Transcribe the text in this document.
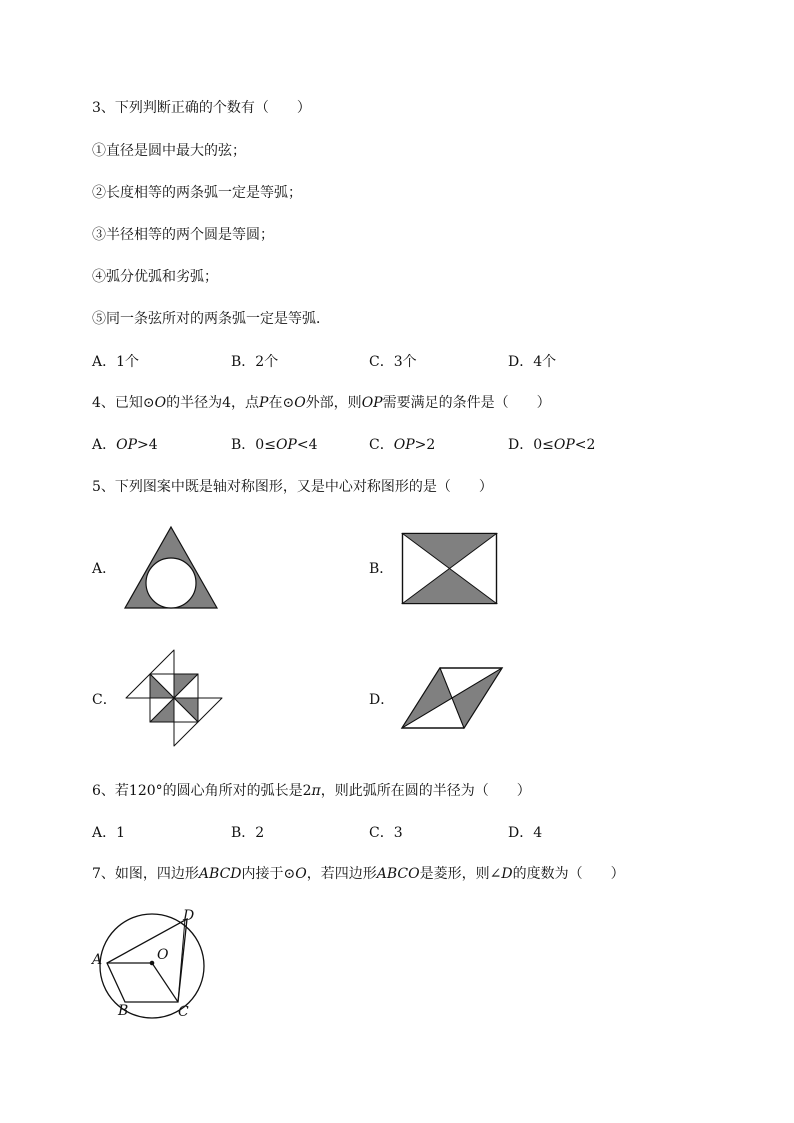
3、下列判断正确的个数有（　　）
①直径是圆中最大的弦；
②长度相等的两条弧一定是等弧；
③半径相等的两个圆是等圆；
④弧分优弧和劣弧；
⑤同一条弦所对的两条弧一定是等弧．
A．1个	B．2个	C．3个	D．4个
4、已知⊙O的半径为4，点P在⊙O外部，则OP需要满足的条件是（　　）
A．OP>4	B．0≤OP<4	C．OP>2	D．0≤OP<2
5、下列图案中既是轴对称图形，又是中心对称图形的是（　　）
A．	B．
C．	D．
6、若120°的圆心角所对的弧长是2π，则此弧所在圆的半径为（　　）
A．1	B．2	C．3	D．4
7、如图，四边形ABCD内接于⊙O，若四边形ABCO是菱形，则∠D的度数为（　　）
A
B	C
D
O
